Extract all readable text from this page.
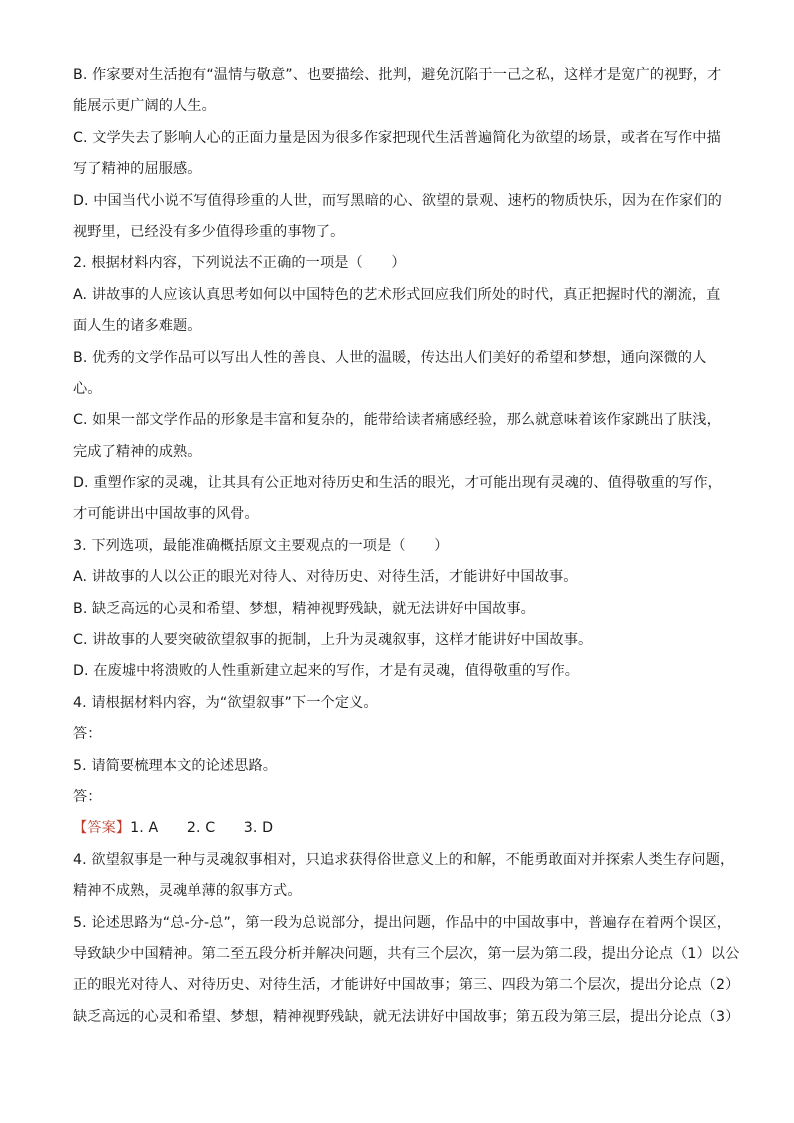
B. 作家要对生活抱有“温情与敬意”、也要描绘、批判，避免沉陷于一己之私，这样才是宽广的视野，才
能展示更广阔的人生。
C. 文学失去了影响人心的正面力量是因为很多作家把现代生活普遍简化为欲望的场景，或者在写作中描
写了精神的屈服感。
D. 中国当代小说不写值得珍重的人世，而写黑暗的心、欲望的景观、速朽的物质快乐，因为在作家们的
视野里，已经没有多少值得珍重的事物了。
2. 根据材料内容，下列说法不正确的一项是（　　）
A. 讲故事的人应该认真思考如何以中国特色的艺术形式回应我们所处的时代，真正把握时代的潮流，直
面人生的诸多难题。
B. 优秀的文学作品可以写出人性的善良、人世的温暖，传达出人们美好的希望和梦想，通向深微的人
心。
C. 如果一部文学作品的形象是丰富和复杂的，能带给读者痛感经验，那么就意味着该作家跳出了肤浅，
完成了精神的成熟。
D. 重塑作家的灵魂，让其具有公正地对待历史和生活的眼光，才可能出现有灵魂的、值得敬重的写作，
才可能讲出中国故事的风骨。
3. 下列选项，最能准确概括原文主要观点的一项是（　　）
A. 讲故事的人以公正的眼光对待人、对待历史、对待生活，才能讲好中国故事。
B. 缺乏高远的心灵和希望、梦想，精神视野残缺，就无法讲好中国故事。
C. 讲故事的人要突破欲望叙事的扼制，上升为灵魂叙事，这样才能讲好中国故事。
D. 在废墟中将溃败的人性重新建立起来的写作，才是有灵魂，值得敬重的写作。
4. 请根据材料内容，为“欲望叙事”下一个定义。
答：
5. 请简要梳理本文的论述思路。
答：
【答案】1. A　　2. C　　3. D
4. 欲望叙事是一种与灵魂叙事相对，只追求获得俗世意义上的和解，不能勇敢面对并探索人类生存问题，
精神不成熟，灵魂单薄的叙事方式。
5. 论述思路为“总-分-总”，第一段为总说部分，提出问题，作品中的中国故事中，普遍存在着两个误区，
导致缺少中国精神。第二至五段分析并解决问题，共有三个层次，第一层为第二段，提出分论点（1）以公
正的眼光对待人、对待历史、对待生活，才能讲好中国故事；第三、四段为第二个层次，提出分论点（2）
缺乏高远的心灵和希望、梦想，精神视野残缺，就无法讲好中国故事；第五段为第三层，提出分论点（3）
